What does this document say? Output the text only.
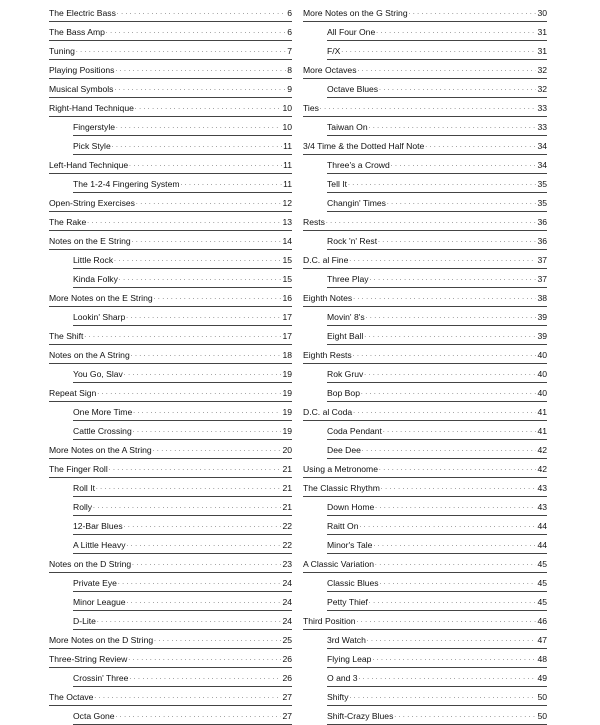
The Electric Bass . . .	6
The Bass Amp . . .	6
Tuning . . .	7
Playing Positions . . .	8
Musical Symbols . . .	9
Right-Hand Technique . . .	10
Fingerstyle . . .	10
Pick Style . . .	11
Left-Hand Technique . . .	11
The 1-2-4 Fingering System . . .	11
Open-String Exercises . . .	12
The Rake . . .	13
Notes on the E String . . .	14
Little Rock . . .	15
Kinda Folky . . .	15
More Notes on the E String . . .	16
Lookin' Sharp . . .	17
The Shift . . .	17
Notes on the A String . . .	18
You Go, Slav . . .	19
Repeat Sign . . .	19
One More Time . . .	19
Cattle Crossing . . .	19
More Notes on the A String . . .	20
The Finger Roll . . .	21
Roll It . . .	21
Rolly . . .	21
12-Bar Blues . . .	22
A Little Heavy . . .	22
Notes on the D String . . .	23
Private Eye . . .	24
Minor League . . .	24
D-Lite . . .	24
More Notes on the D String . . .	25
Three-String Review . . .	26
Crossin' Three . . .	26
The Octave . . .	27
Octa Gone . . .	27
More Notes on the G String . . .	30
All Four One . . .	31
F/X . . .	31
More Octaves . . .	32
Octave Blues . . .	32
Ties . . .	33
Taiwan On . . .	33
3/4 Time & the Dotted Half Note . . .	34
Three's a Crowd . . .	34
Tell It . . .	35
Changin' Times . . .	35
Rests . . .	36
Rock 'n' Rest . . .	36
D.C. al Fine . . .	37
Three Play . . .	37
Eighth Notes . . .	38
Movin' 8's . . .	39
Eight Ball . . .	39
Eighth Rests . . .	40
Rok Gruv . . .	40
Bop Bop . . .	40
D.C. al Coda . . .	41
Coda Pendant . . .	41
Dee Dee . . .	42
Using a Metronome . . .	42
The Classic Rhythm . . .	43
Down Home . . .	43
Raitt On . . .	44
Minor's Tale . . .	44
A Classic Variation . . .	45
Classic Blues . . .	45
Petty Thief . . .	45
Third Position . . .	46
3rd Watch . . .	47
Flying Leap . . .	48
O and 3 . . .	49
Shifty . . .	50
Shift-Crazy Blues . . .	50
